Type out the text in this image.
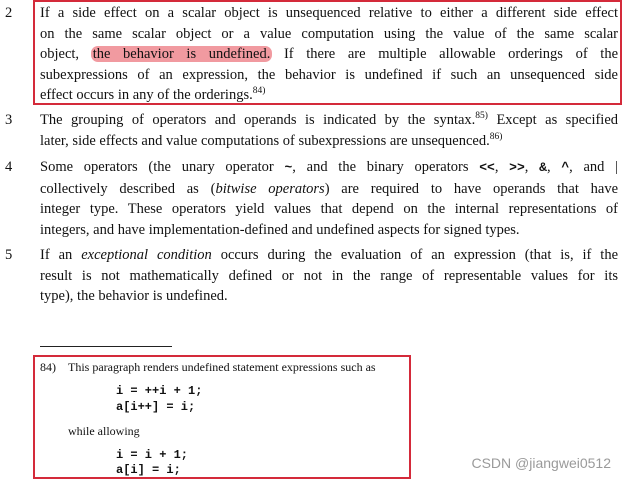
2 If a side effect on a scalar object is unsequenced relative to either a different side effect
on the same scalar object or a value computation using the value of the same scalar
object, the behavior is undefined. If there are multiple allowable orderings of the
subexpressions of an expression, the behavior is undefined if such an unsequenced side
effect occurs in any of the orderings.$^{84)}$
3 The grouping of operators and operands is indicated by the syntax.$^{85)}$ Except as specified
later, side effects and value computations of subexpressions are unsequenced.$^{86)}$
4 Some operators (the unary operator ~, and the binary operators <<, >>, &, ^, and |
collectively described as (bitwise operators) are required to have operands that have
integer type. These operators yield values that depend on the internal representations of
integers, and have implementation-defined and undefined aspects for signed types.
5 If an exceptional condition occurs during the evaluation of an expression (that is, if the
result is not mathematically defined or not in the range of representable values for its
type), the behavior is undefined.
84) This paragraph renders undefined statement expressions such as
i = ++i + 1;
a[i++] = i;
while allowing
i = i + 1;
a[i] = i;	CSDN @jiangwei0512
